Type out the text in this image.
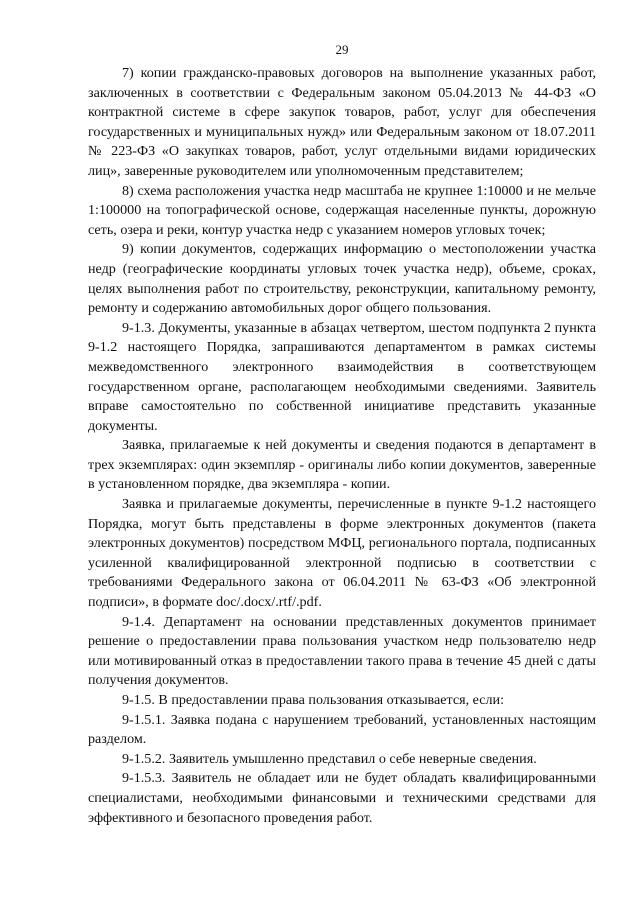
29

7) копии гражданско-правовых договоров на выполнение указанных работ, заключенных в соответствии с Федеральным законом 05.04.2013 № 44-ФЗ «О контрактной системе в сфере закупок товаров, работ, услуг для обеспечения государственных и муниципальных нужд» или Федеральным законом от 18.07.2011 № 223-ФЗ «О закупках товаров, работ, услуг отдельными видами юридических лиц», заверенные руководителем или уполномоченным представителем;

8) схема расположения участка недр масштаба не крупнее 1:10000 и не мельче 1:100000 на топографической основе, содержащая населенные пункты, дорожную сеть, озера и реки, контур участка недр с указанием номеров угловых точек;

9) копии документов, содержащих информацию о местоположении участка недр (географические координаты угловых точек участка недр), объеме, сроках, целях выполнения работ по строительству, реконструкции, капитальному ремонту, ремонту и содержанию автомобильных дорог общего пользования.

9-1.3. Документы, указанные в абзацах четвертом, шестом подпункта 2 пункта 9-1.2 настоящего Порядка, запрашиваются департаментом в рамках системы межведомственного электронного взаимодействия в соответствующем государственном органе, располагающем необходимыми сведениями. Заявитель вправе самостоятельно по собственной инициативе представить указанные документы.

Заявка, прилагаемые к ней документы и сведения подаются в департамент в трех экземплярах: один экземпляр - оригиналы либо копии документов, заверенные в установленном порядке, два экземпляра - копии.

Заявка и прилагаемые документы, перечисленные в пункте 9-1.2 настоящего Порядка, могут быть представлены в форме электронных документов (пакета электронных документов) посредством МФЦ, регионального портала, подписанных усиленной квалифицированной электронной подписью в соответствии с требованиями Федерального закона от 06.04.2011 № 63-ФЗ «Об электронной подписи», в формате doc/.docx/.rtf/.pdf.

9-1.4. Департамент на основании представленных документов принимает решение о предоставлении права пользования участком недр пользователю недр или мотивированный отказ в предоставлении такого права в течение 45 дней с даты получения документов.

9-1.5. В предоставлении права пользования отказывается, если:

9-1.5.1. Заявка подана с нарушением требований, установленных настоящим разделом.

9-1.5.2. Заявитель умышленно представил о себе неверные сведения.

9-1.5.3. Заявитель не обладает или не будет обладать квалифицированными специалистами, необходимыми финансовыми и техническими средствами для эффективного и безопасного проведения работ.
